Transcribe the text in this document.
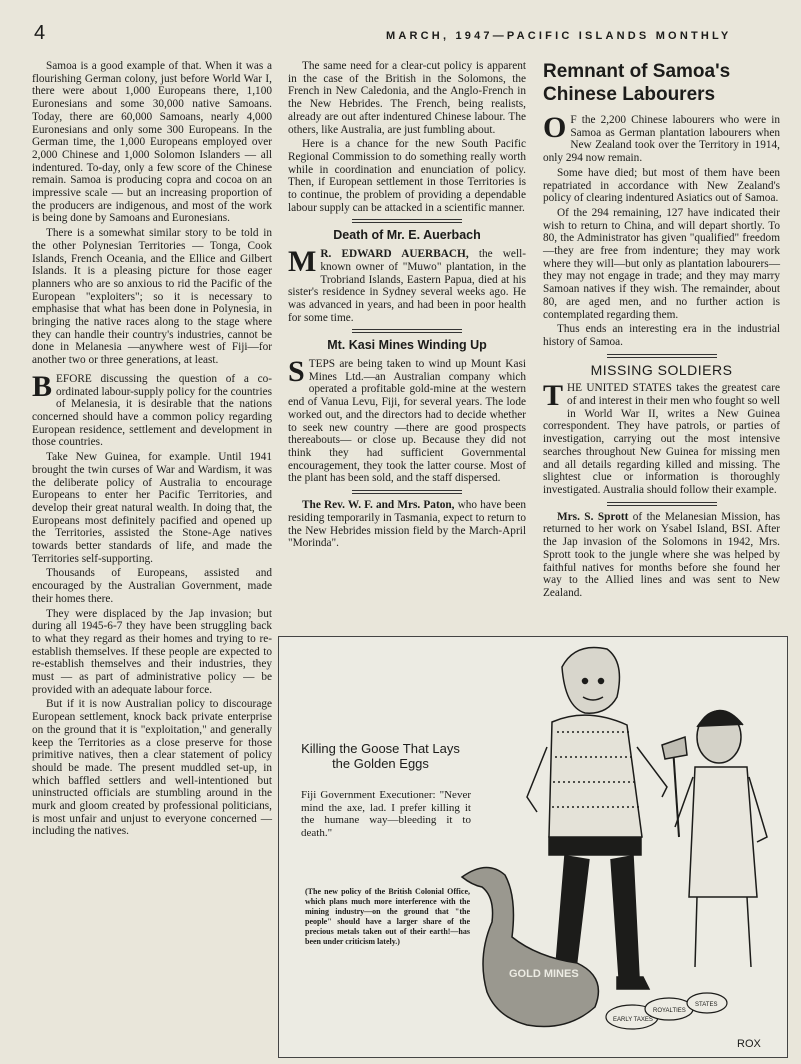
4	MARCH, 1947—PACIFIC ISLANDS MONTHLY

Samoa is a good example of that. When it was a flourishing German colony, just before World War I, there were about 1,000 Europeans there, 1,100 Euronesians and some 30,000 native Samoans. Today, there are 60,000 Samoans, nearly 4,000 Euronesians and only some 300 Europeans. In the German time, the 1,000 Europeans employed over 2,000 Chinese and 1,000 Solomon Islanders — all indentured. To-day, only a few score of the Chinese remain. Samoa is producing copra and cocoa on an impressive scale — but an increasing proportion of the producers are indigenous, and most of the work is being done by Samoans and Euronesians.

There is a somewhat similar story to be told in the other Polynesian Territories — Tonga, Cook Islands, French Oceania, and the Ellice and Gilbert Islands. It is a pleasing picture for those eager planners who are so anxious to rid the Pacific of the European "exploiters"; so it is necessary to emphasise that what has been done in Polynesia, in bringing the native races along to the stage where they can handle their country's industries, cannot be done in Melanesia —anywhere west of Fiji—for another two or three generations, at least.

BEFORE discussing the question of a co-ordinated labour-supply policy for the countries of Melanesia, it is desirable that the nations concerned should have a common policy regarding European residence, settlement and development in those countries.

Take New Guinea, for example. Until 1941 brought the twin curses of War and Wardism, it was the deliberate policy of Australia to encourage Europeans to enter her Pacific Territories, and develop their great natural wealth. In doing that, the Europeans most definitely pacified and opened up the Territories, assisted the Stone-Age natives towards better standards of life, and made the Territories self-supporting.

Thousands of Europeans, assisted and encouraged by the Australian Government, made their homes there.

They were displaced by the Jap invasion; but during all 1945-6-7 they have been struggling back to what they regard as their homes and trying to re-establish themselves. If these people are expected to re-establish themselves and their industries, they must — as part of administrative policy — be provided with an adequate labour force.

But if it is now Australian policy to discourage European settlement, knock back private enterprise on the ground that it is "exploitation," and generally keep the Territories as a close preserve for those primitive natives, then a clear statement of policy should be made. The present muddled set-up, in which baffled settlers and well-intentioned but uninstructed officials are stumbling around in the murk and gloom created by professional politicians, is most unfair and unjust to everyone concerned — including the natives.

The same need for a clear-cut policy is apparent in the case of the British in the Solomons, the French in New Caledonia, and the Anglo-French in the New Hebrides. The French, being realists, already are out after indentured Chinese labour. The others, like Australia, are just fumbling about.

Here is a chance for the new South Pacific Regional Commission to do something really worth while in coordination and enunciation of policy. Then, if European settlement in those Territories is to continue, the problem of providing a dependable labour supply can be attacked in a scientific manner.

Death of Mr. E. Auerbach

M R. EDWARD AUERBACH, the well-known owner of "Muwo" plantation, in the Trobriand Islands, Eastern Papua, died at his sister's residence in Sydney several weeks ago. He was advanced in years, and had been in poor health for some time.

Mt. Kasi Mines Winding Up

STEPS are being taken to wind up Mount Kasi Mines Ltd.—an Australian company which operated a profitable gold-mine at the western end of Vanua Levu, Fiji, for several years. The lode worked out, and the directors had to decide whether to seek new country —there are good prospects thereabouts— or close up. Because they did not think they had sufficient Governmental encouragement, they took the latter course. Most of the plant has been sold, and the staff dispersed.

The Rev. W. F. and Mrs. Paton, who have been residing temporarily in Tasmania, expect to return to the New Hebrides mission field by the March-April "Morinda".

Remnant of Samoa's Chinese Labourers

O F the 2,200 Chinese labourers who were in Samoa as German plantation labourers when New Zealand took over the Territory in 1914, only 294 now remain.

Some have died; but most of them have been repatriated in accordance with New Zealand's policy of clearing indentured Asiatics out of Samoa.

Of the 294 remaining, 127 have indicated their wish to return to China, and will depart shortly. To 80, the Administrator has given "qualified" freedom—they are free from indenture; they may work where they will—but only as plantation labourers—they may not engage in trade; and they may marry Samoan natives if they wish. The remainder, about 80, are aged men, and no further action is contemplated regarding them.

Thus ends an interesting era in the industrial history of Samoa.

MISSING SOLDIERS

THE UNITED STATES takes the greatest care of and interest in their men who fought so well in World War II, writes a New Guinea correspondent. They have patrols, or parties of investigation, carrying out the most intensive searches throughout New Guinea for missing men and all details regarding killed and missing. The slightest clue or information is thoroughly investigated. Australia should follow their example.

Mrs. S. Sprott of the Melanesian Mission, has returned to her work on Ysabel Island, BSI. After the Jap invasion of the Solomons in 1942, Mrs. Sprott took to the jungle where she was helped by faithful natives for months before she found her way to the Allied lines and was sent to New Zealand.

Killing the Goose That Lays the Golden Eggs
Fiji Government Executioner: "Never mind the axe, lad. I prefer killing it the humane way—bleeding it to death."
(The new policy of the British Colonial Office, which plans much more interference with the mining industry—on the ground that "the people" should have a larger share of the precious metals taken out of their earth!—has been under criticism lately.)
GOLD MINES
EARLY TAXES
ROYALTIES
STATES
ROX
